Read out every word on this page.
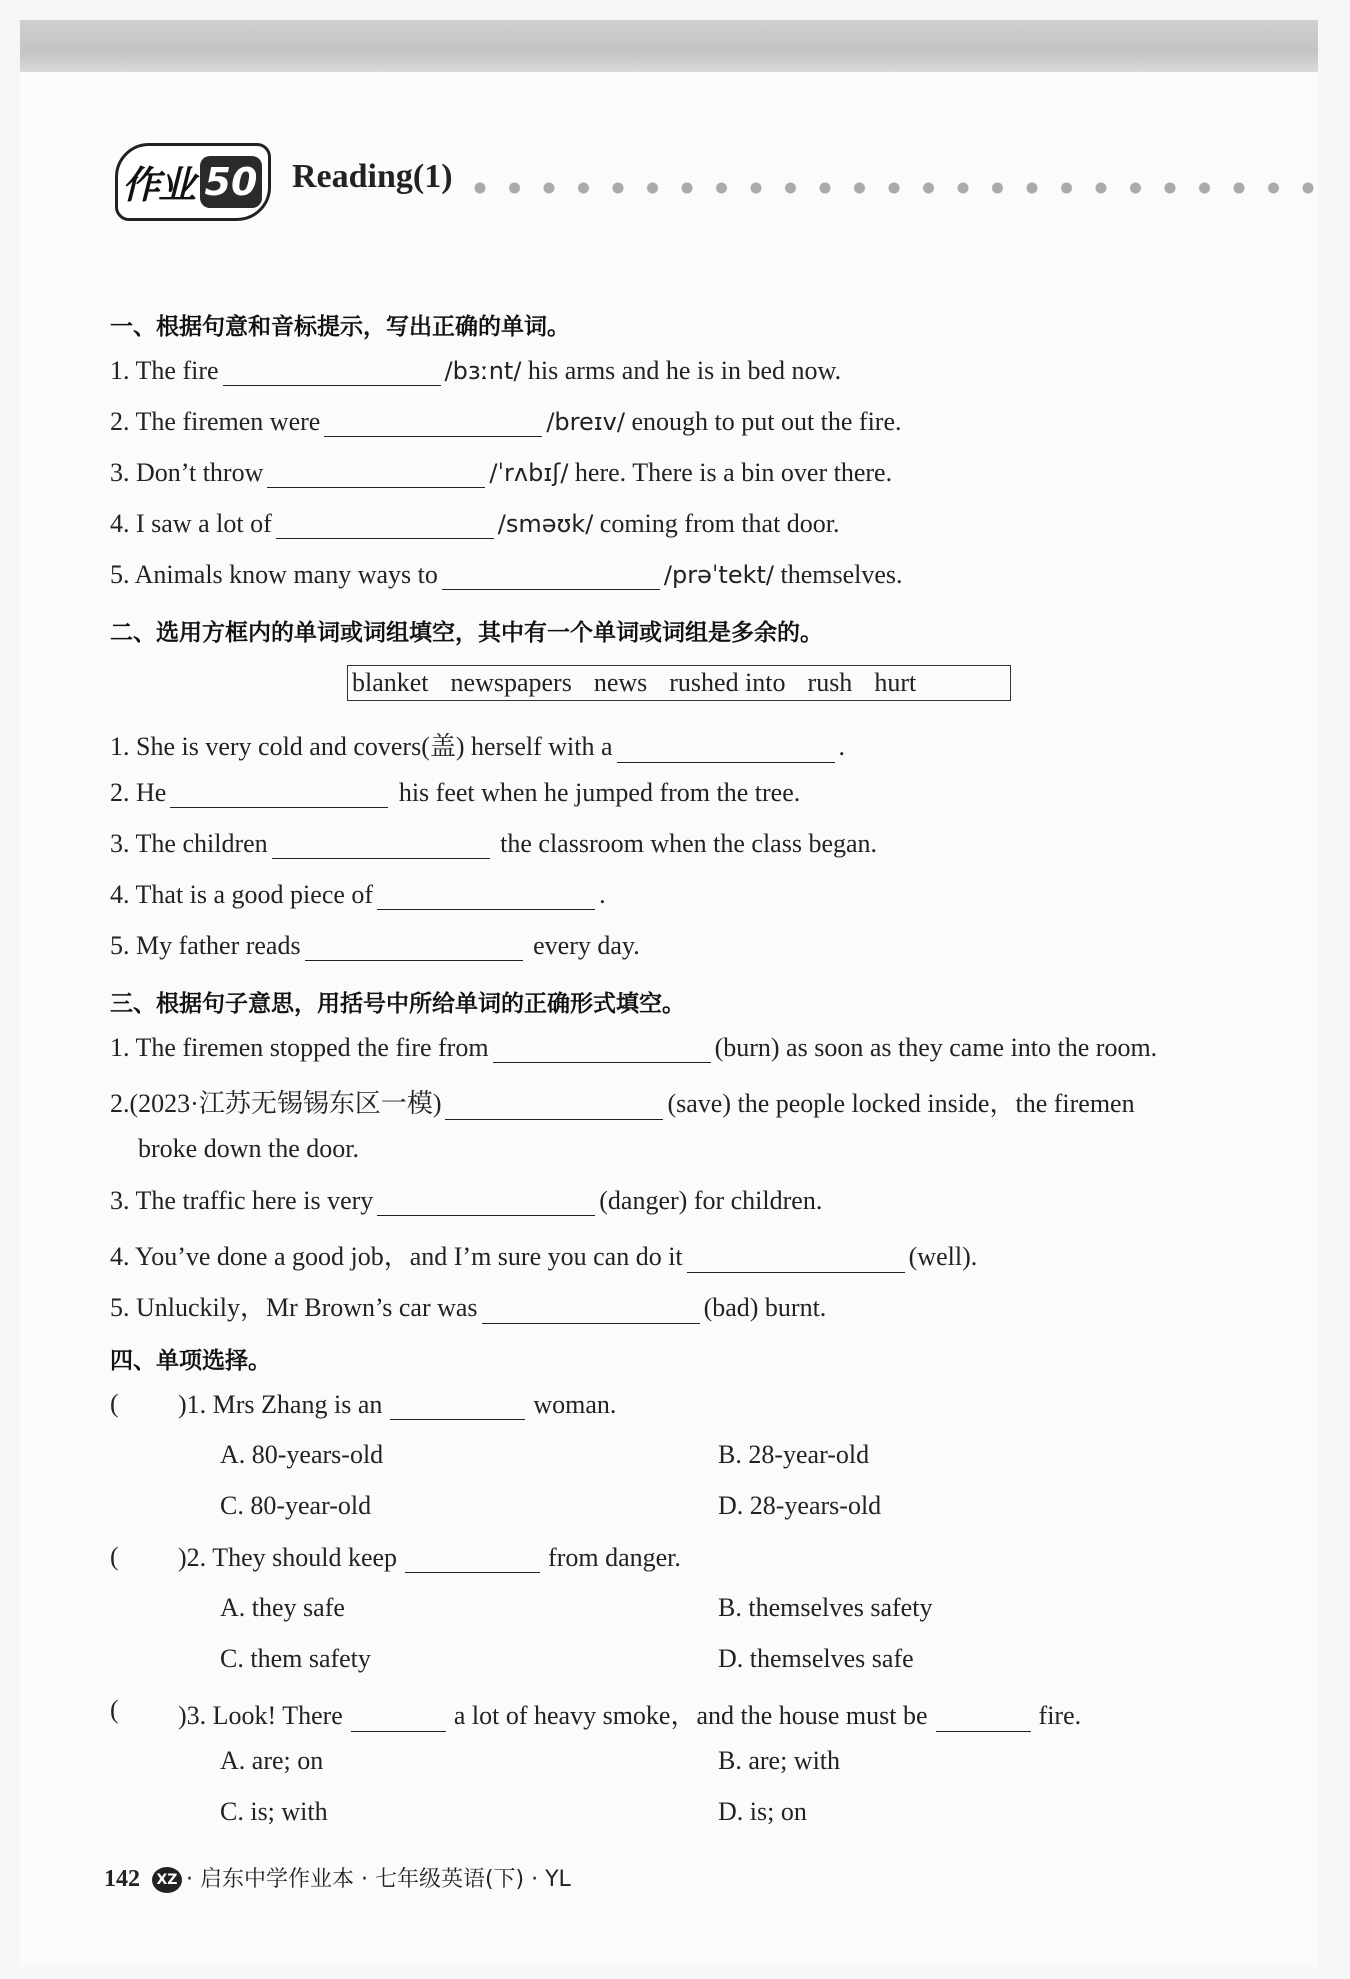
作业 50 Reading(1)
一、根据句意和音标提示，写出正确的单词。
1. The fire	/bɜːnt/ his arms and he is in bed now.
2. The firemen were	/breɪv/ enough to put out the fire.
3. Don’t throw	/ˈrʌbɪʃ/ here. There is a bin over there.
4. I saw a lot of	/sməʊk/ coming from that door.
5. Animals know many ways to	/prəˈtekt/ themselves.
二、选用方框内的单词或词组填空，其中有一个单词或词组是多余的。
blanket newspapers news rushed into rush hurt
1. She is very cold and covers(盖) herself with a	.
2. He	his feet when he jumped from the tree.
3. The children	the classroom when the class began.
4. That is a good piece of	.
5. My father reads	every day.
三、根据句子意思，用括号中所给单词的正确形式填空。
1. The firemen stopped the fire from	(burn) as soon as they came into the room.
2.(2023·江苏无锡锡东区一模)	(save) the people locked inside，the firemen
broke down the door.
3. The traffic here is very	(danger) for children.
4. You’ve done a good job，and I’m sure you can do it	(well).
5. Unluckily，Mr Brown’s car was	(bad) burnt.
四、单项选择。
( )1. Mrs Zhang is an	woman.
A. 80-years-old	B. 28-year-old
C. 80-year-old	D. 28-years-old
( )2. They should keep	from danger.
A. they safe	B. themselves safety
C. them safety	D. themselves safe
( )3. Look! There	a lot of heavy smoke，and the house must be	fire.
A. are; on	B. are; with
C. is; with	D. is; on
142 XZ · 启东中学作业本 · 七年级英语(下) · YL
